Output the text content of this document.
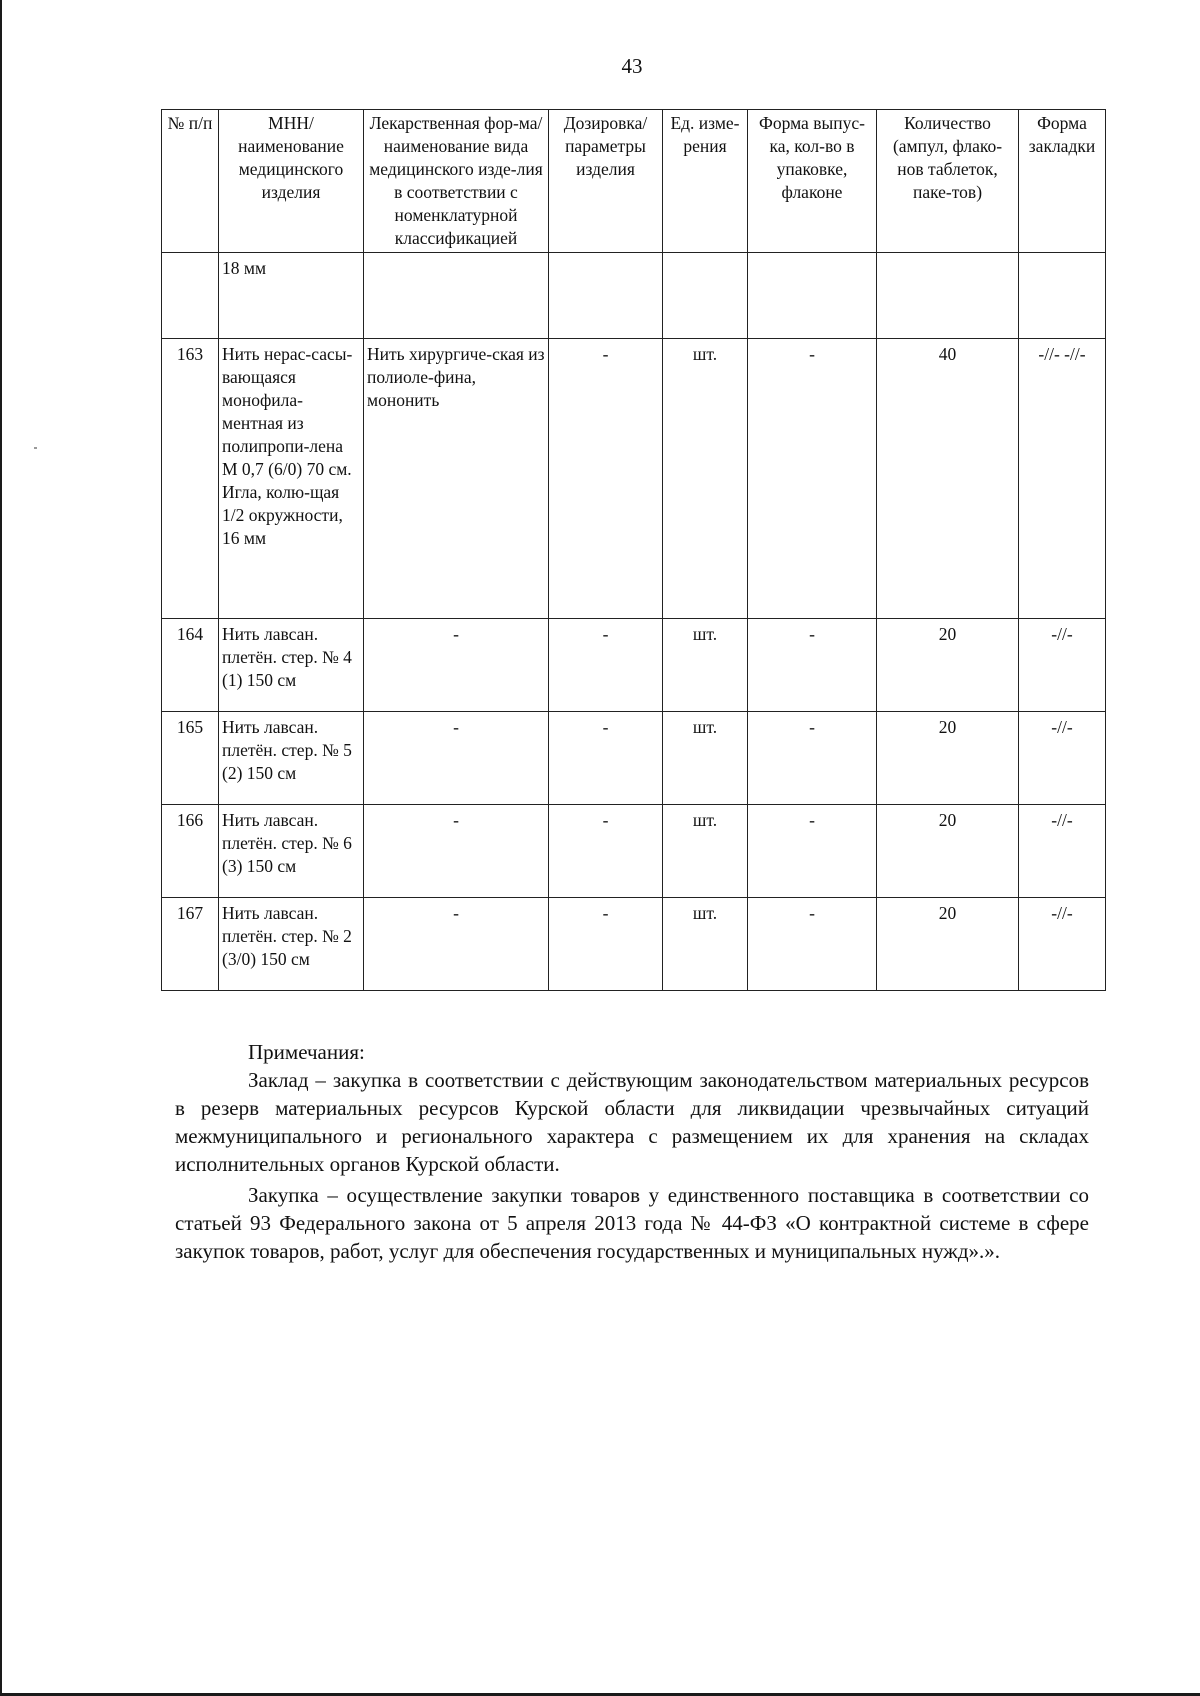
43
№ п/п	МНН/ наименование медицинского изделия	Лекарственная фор-ма/ наименование вида медицинского изде-лия в соответствии с номенклатурной классификацией	Дозировка/ параметры изделия	Ед. изме-рения	Форма выпус-ка, кол-во в упаковке, флаконе	Количество (ампул, флако-нов таблеток, паке-тов)	Форма закладки
	18 мм						
163	Нить нерас-сасы-вающаяся монофила-ментная из полипропи-лена M 0,7 (6/0) 70 см. Игла, колю-щая 1/2 окружности, 16 мм	Нить хирургиче-ская из полиоле-фина, мононить	-	шт.	-	40	-//- -//-
164	Нить лавсан. плетён. стер. № 4 (1) 150 см	-	-	шт.	-	20	-//-
165	Нить лавсан. плетён. стер. № 5 (2) 150 см	-	-	шт.	-	20	-//-
166	Нить лавсан. плетён. стер. № 6 (3) 150 см	-	-	шт.	-	20	-//-
167	Нить лавсан. плетён. стер. № 2 (3/0) 150 см	-	-	шт.	-	20	-//-

Примечания:

Заклад – закупка в соответствии с действующим законодательством материальных ресурсов в резерв материальных ресурсов Курской области для ликвидации чрезвычайных ситуаций межмуниципального и регионального характера с размещением их для хранения на складах исполнительных органов Курской области.

Закупка – осуществление закупки товаров у единственного поставщика в соответствии со статьей 93 Федерального закона от 5 апреля 2013 года № 44-ФЗ «О контрактной системе в сфере закупок товаров, работ, услуг для обеспечения государственных и муниципальных нужд».».
